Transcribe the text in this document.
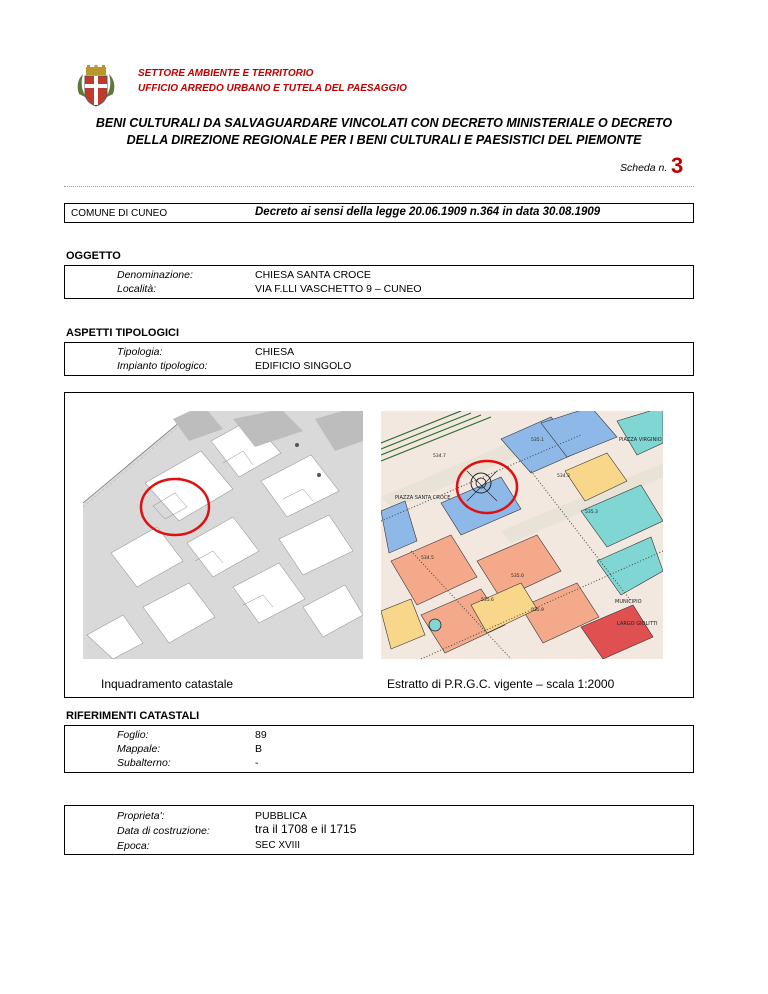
SETTORE AMBIENTE E TERRITORIO
UFFICIO ARREDO URBANO E TUTELA DEL PAESAGGIO
BENI CULTURALI DA SALVAGUARDARE VINCOLATI CON DECRETO MINISTERIALE O DECRETO
DELLA DIREZIONE REGIONALE PER I BENI CULTURALI E PAESISTICI DEL PIEMONTE
Scheda n. 3
COMUNE DI CUNEO	Decreto ai sensi della legge 20.06.1909 n.364 in data 30.08.1909
OGGETTO
Denominazione:	CHIESA SANTA CROCE
Località:	VIA F.LLI VASCHETTO 9 – CUNEO
ASPETTI TIPOLOGICI
Tipologia:	CHIESA
Impianto tipologico:	EDIFICIO SINGOLO
PIAZZA SANTA CROCE
MUNICIPIO
PIAZZA VIRGINIO
LARGO GIOLITTI
534.7
535.1
534.3
535.3
534.5
535.0
535.6
535.9
Inquadramento catastale	Estratto di P.R.G.C. vigente – scala 1:2000
RIFERIMENTI CATASTALI
Foglio:	89
Mappale:	B
Subalterno:	-
Proprieta':	PUBBLICA
Data di costruzione:	tra il 1708 e il 1715
Epoca:	SEC XVIII
